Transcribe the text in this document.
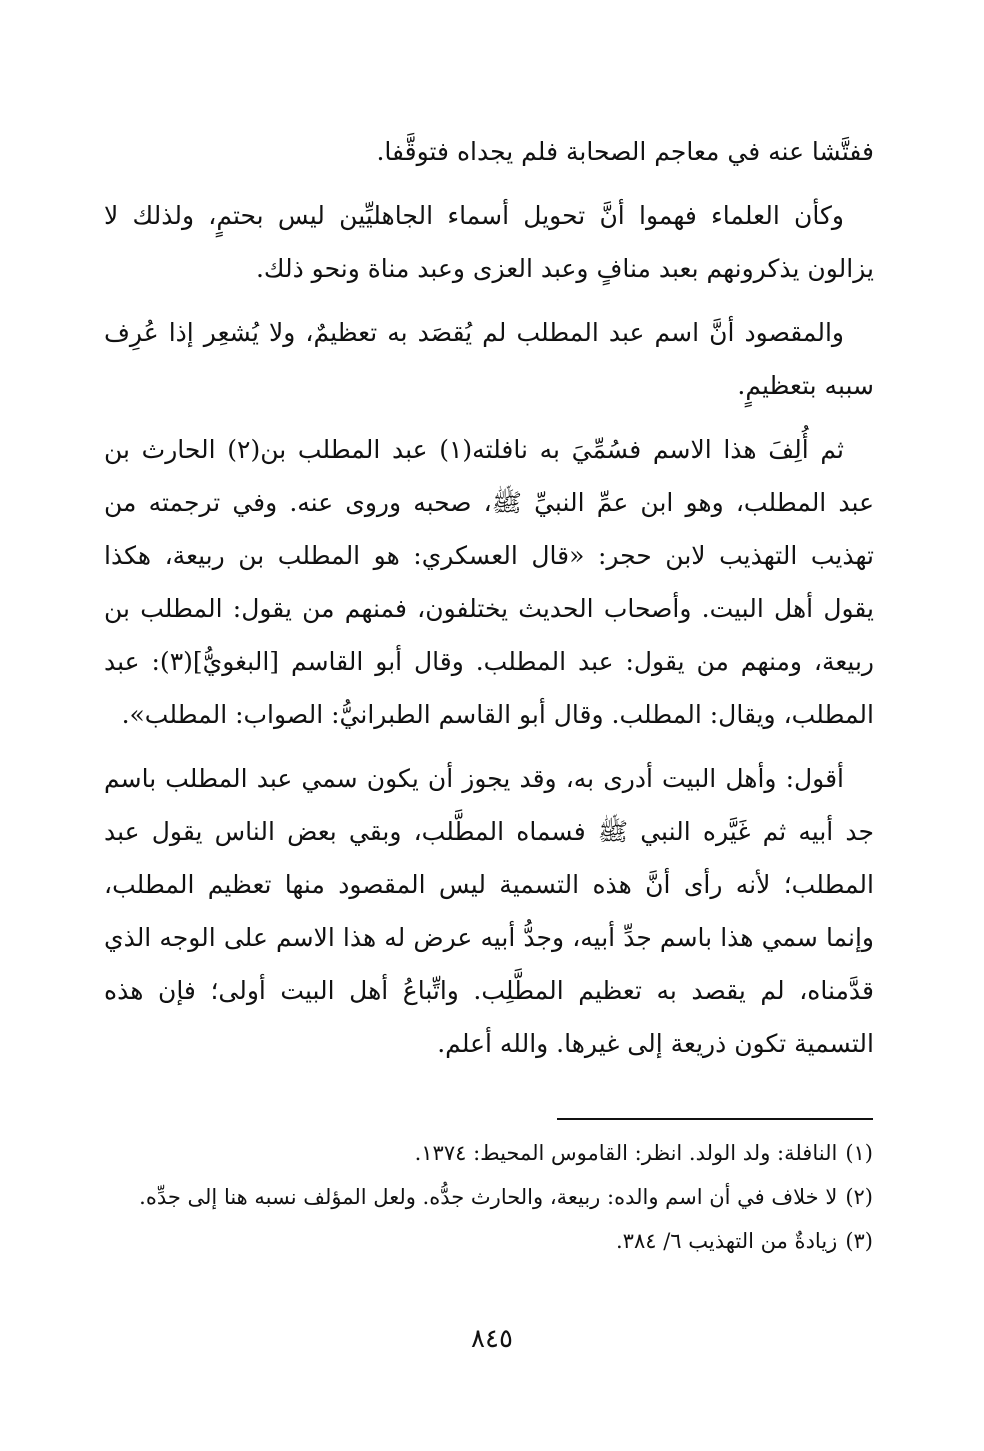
ففتَّشا عنه في معاجم الصحابة فلم يجداه فتوقَّفا.

وكأن العلماء فهموا أنَّ تحويل أسماء الجاهليِّين ليس بحتمٍ، ولذلك لا يزالون يذكرونهم بعبد منافٍ وعبد العزى وعبد مناة ونحو ذلك.

والمقصود أنَّ اسم عبد المطلب لم يُقصَد به تعظيمٌ، ولا يُشعِر إذا عُرِف سببه بتعظيمٍ.

ثم أُلِفَ هذا الاسم فسُمِّيَ به نافلته(١) عبد المطلب بن(٢) الحارث بن عبد المطلب، وهو ابن عمِّ النبيِّ ﷺ، صحبه وروى عنه. وفي ترجمته من تهذيب التهذيب لابن حجر: «قال العسكري: هو المطلب بن ربيعة، هكذا يقول أهل البيت. وأصحاب الحديث يختلفون، فمنهم من يقول: المطلب بن ربيعة، ومنهم من يقول: عبد المطلب. وقال أبو القاسم [البغويُّ](٣): عبد المطلب، ويقال: المطلب. وقال أبو القاسم الطبرانيُّ: الصواب: المطلب».

أقول: وأهل البيت أدرى به، وقد يجوز أن يكون سمي عبد المطلب باسم جد أبيه ثم غَيَّره النبي ﷺ فسماه المطَّلب، وبقي بعض الناس يقول عبد المطلب؛ لأنه رأى أنَّ هذه التسمية ليس المقصود منها تعظيم المطلب، وإنما سمي هذا باسم جدِّ أبيه، وجدُّ أبيه عرض له هذا الاسم على الوجه الذي قدَّمناه، لم يقصد به تعظيم المطَّلِب. واتِّباعُ أهل البيت أولى؛ فإن هذه التسمية تكون ذريعة إلى غيرها. والله أعلم.

(١)النافلة: ولد الولد. انظر: القاموس المحيط: ١٣٧٤.

(٢)لا خلاف في أن اسم والده: ربيعة، والحارث جدُّه. ولعل المؤلف نسبه هنا إلى جدِّه.

(٣)زيادةٌ من التهذيب ٦/ ٣٨٤.

٨٤٥
